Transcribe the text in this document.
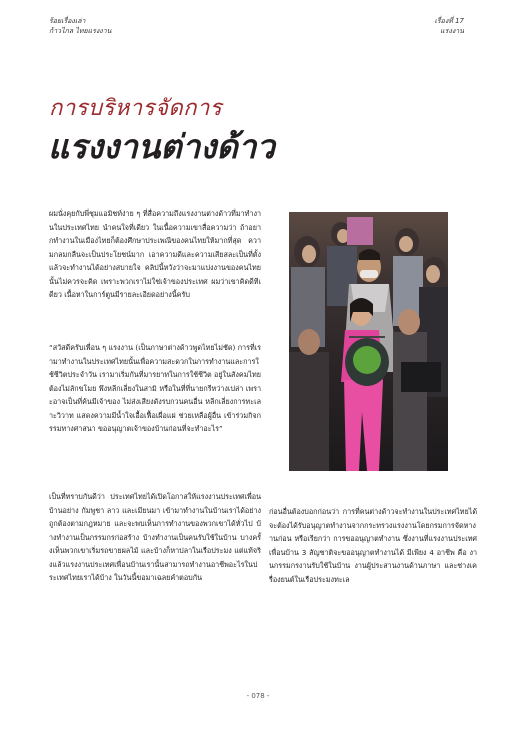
ร้อยเรื่องเล่า
ก้าวไกล ไทยแรงงาน
เรื่องที่ 17
แรงงาน
การบริหารจัดการ
แรงงานต่างด้าว

ผมนั่งคุยกับพี่ชุมแอมิชท์ง่าย ๆ ที่สื่อความถึงแรงงานต่างด้าวที่มาทำงานในประเทศไทย นำคนใจที่เดียว ในเนื้อความเขาสื่อความว่า ถ้าอยากทำงานในเมืองไทยก็ต้องศึกษาประเพณีของคนไทยให้มากที่สุด ความกลมกลืนจะเป็นประโยชน์มาก เอาความดีและความเสียสละเป็นที่ตั้งแล้วจะทำงานได้อย่างสบายใจ คลิปนี้หวังว่าจะมาแบ่งงานของคนไทยนั้นไม่ควรจะคิด เพราะพวกเราไม่ใช่เจ้าของประเทศ ผมว่าเขาคิดดีทีเดียว เนื้อหาในการ์ตูนมีรายละเอียดอย่างนี้ครับ

“สวัสดีครับเพื่อน ๆ แรงงาน (เป็นภาษาต่างด้าวพูดไทยไม่ชัด) การที่เรามาทำงานในประเทศไทยนั้นเพื่อความสะดวกในการทำงานและการใช้ชีวิตประจำวัน เรามาเริ่มกันที่มารยาทในการใช้ชีวิต อยู่ในสังคมไทย ต้องไม่ลักขโมย พึงหลีกเลี่ยงในสามิ หรือในที่ที่นายกรีหว่างเปล่า เพราะอาจเป็นที่ค้นมีเจ้าของ ไม่ส่งเสียงดังรบกวนคนอื่น หลีกเลี่ยงการทะเลาะวิวาท แสดงความมีน้ำใจเอื้อเฟื้อเผื่อแผ่ ช่วยเหลือผู้อื่น เข้าร่วมกิจกรรมทางศาสนา ขออนุญาตเจ้าของบ้านก่อนที่จะทำอะไร”

เป็นที่ทราบกันดีว่า ประเทศไทยได้เปิดโอกาสให้แรงงานประเทศเพื่อนบ้านอย่าง กัมพูชา ลาว และเมียนมา เข้ามาทำงานในบ้านเราได้อย่างถูกต้องตามกฎหมาย และจะพบเห็นการทำงานของพวกเขาได้ทั่วไป บ้างทำงานเป็นกรรมกรก่อสร้าง บ้างทำงานเป็นคนรับใช้ในบ้าน บางครั้งเห็นพวกเขาเริ่มรถขายผลไม้ และบ้างก็หาปลาในเรือประมง แต่แท้จริงแล้วแรงงานประเทศเพื่อนบ้านเรานั้นสามารถทำงานอาชีพอะไรในประเทศไทยเราได้บ้าง ในวันนี้ขอมาเฉลยคำตอบกัน

ก่อนอื่นต้องบอกก่อนว่า การที่คนต่างด้าวจะทำงานในประเทศไทยได้จะต้องได้รับอนุญาตทำงานจากกระทรวงแรงงานโดยกรมการจัดหางานก่อน หรือเรียกว่า การขออนุญาตทำงาน ซึ่งงานที่แรงงานประเทศเพื่อนบ้าน 3 สัญชาติจะขออนุญาตทำงานได้ มีเพียง 4 อาชีพ คือ งานกรรมกรงานรับใช้ในบ้าน งานผู้ประสานงานด้านภาษา และช่างเครื่องยนต์ในเรือประมงทะเล

- 078 -
